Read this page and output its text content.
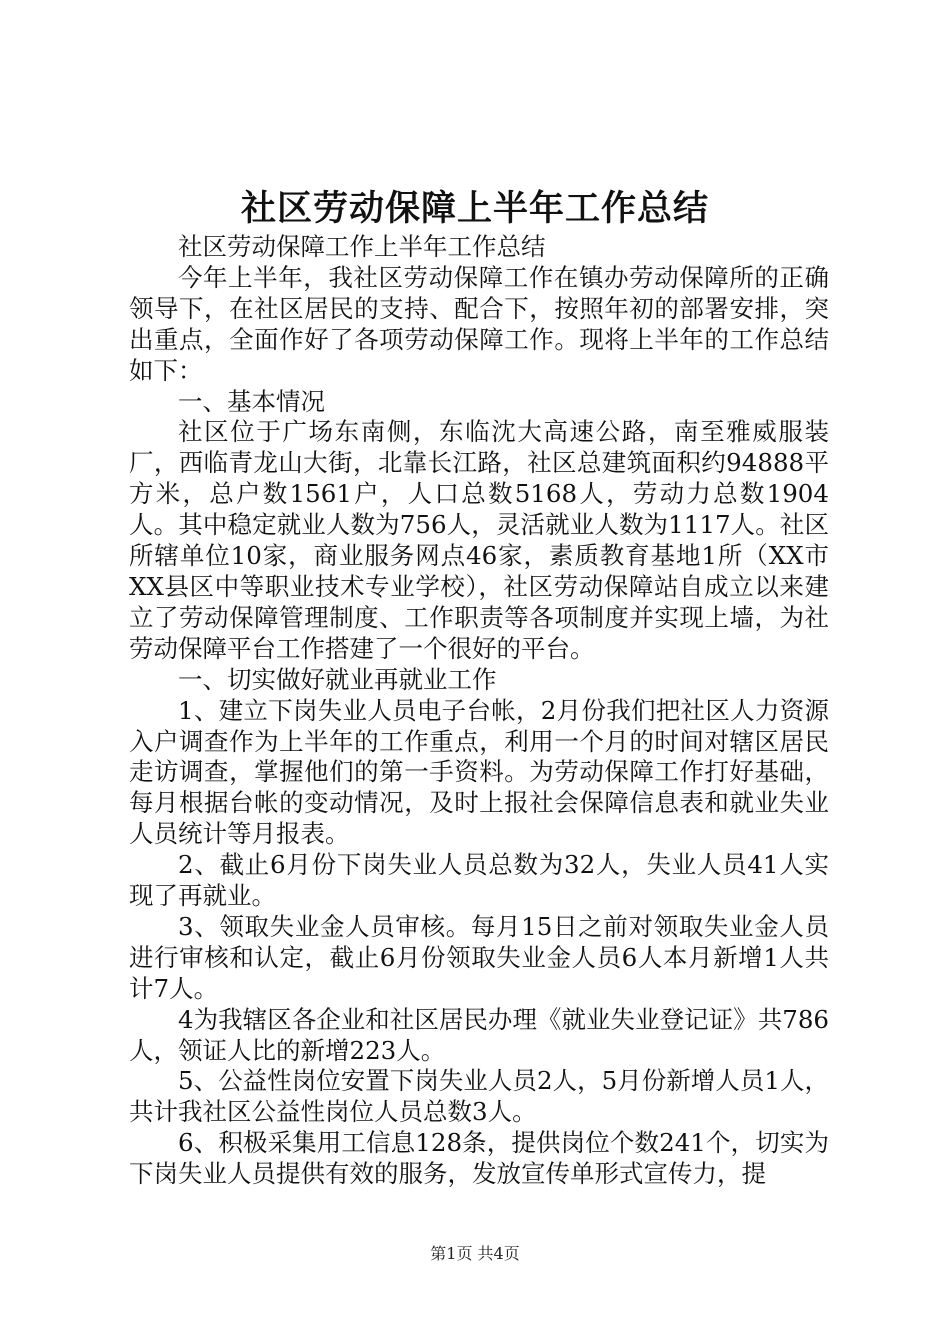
社区劳动保障上半年工作总结

社区劳动保障工作上半年工作总结

今年上半年，我社区劳动保障工作在镇办劳动保障所的正确领导下，在社区居民的支持、配合下，按照年初的部署安排，突出重点，全面作好了各项劳动保障工作。现将上半年的工作总结如下：

一、基本情况

社区位于广场东南侧，东临沈大高速公路，南至雅威服装厂，西临青龙山大街，北靠长江路，社区总建筑面积约94888平方米，总户数1561户，人口总数5168人，劳动力总数1904人。其中稳定就业人数为756人，灵活就业人数为1117人。社区所辖单位10家，商业服务网点46家，素质教育基地1所（XX市XX县区中等职业技术专业学校），社区劳动保障站自成立以来建立了劳动保障管理制度、工作职责等各项制度并实现上墙，为社劳动保障平台工作搭建了一个很好的平台。

一、切实做好就业再就业工作

1、建立下岗失业人员电子台帐，2月份我们把社区人力资源入户调查作为上半年的工作重点，利用一个月的时间对辖区居民走访调查，掌握他们的第一手资料。为劳动保障工作打好基础，每月根据台帐的变动情况，及时上报社会保障信息表和就业失业人员统计等月报表。

2、截止6月份下岗失业人员总数为32人，失业人员41人实现了再就业。

3、领取失业金人员审核。每月15日之前对领取失业金人员进行审核和认定，截止6月份领取失业金人员6人本月新增1人共计7人。

4为我辖区各企业和社区居民办理《就业失业登记证》共786人，领证人比的新增223人。

5、公益性岗位安置下岗失业人员2人，5月份新增人员1人，共计我社区公益性岗位人员总数3人。

6、积极采集用工信息128条，提供岗位个数241个，切实为下岗失业人员提供有效的服务，发放宣传单形式宣传力，提

第1页 共4页
